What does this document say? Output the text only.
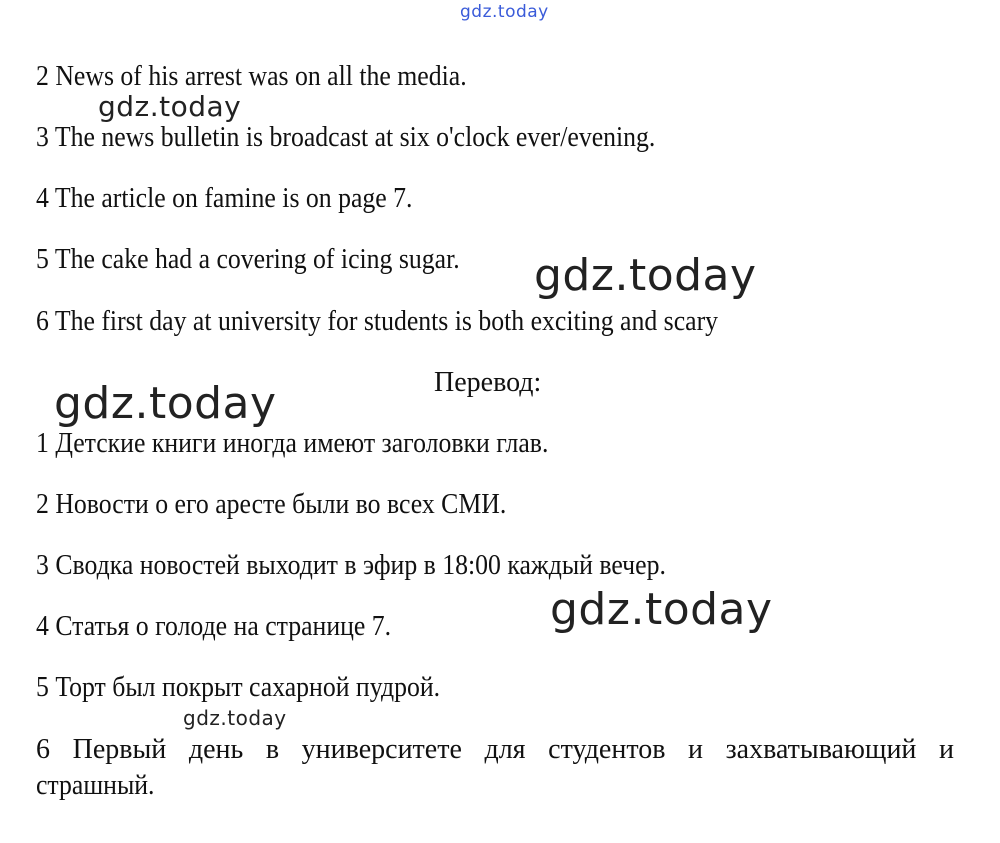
gdz.today
gdz.today
gdz.today
gdz.today
gdz.today
gdz.today
2 News of his arrest was on all the media.
3 The news bulletin is broadcast at six o'clock ever/evening.
4 The article on famine is on page 7.
5 The cake had a covering of icing sugar.
6 The first day at university for students is both exciting and scary
Перевод:
1 Детские книги иногда имеют заголовки глав.
2 Новости о его аресте были во всех СМИ.
3 Сводка новостей выходит в эфир в 18:00 каждый вечер.
4 Статья о голоде на странице 7.
5 Торт был покрыт сахарной пудрой.
6 Первый день в университете для студентов и захватывающий и
страшный.
